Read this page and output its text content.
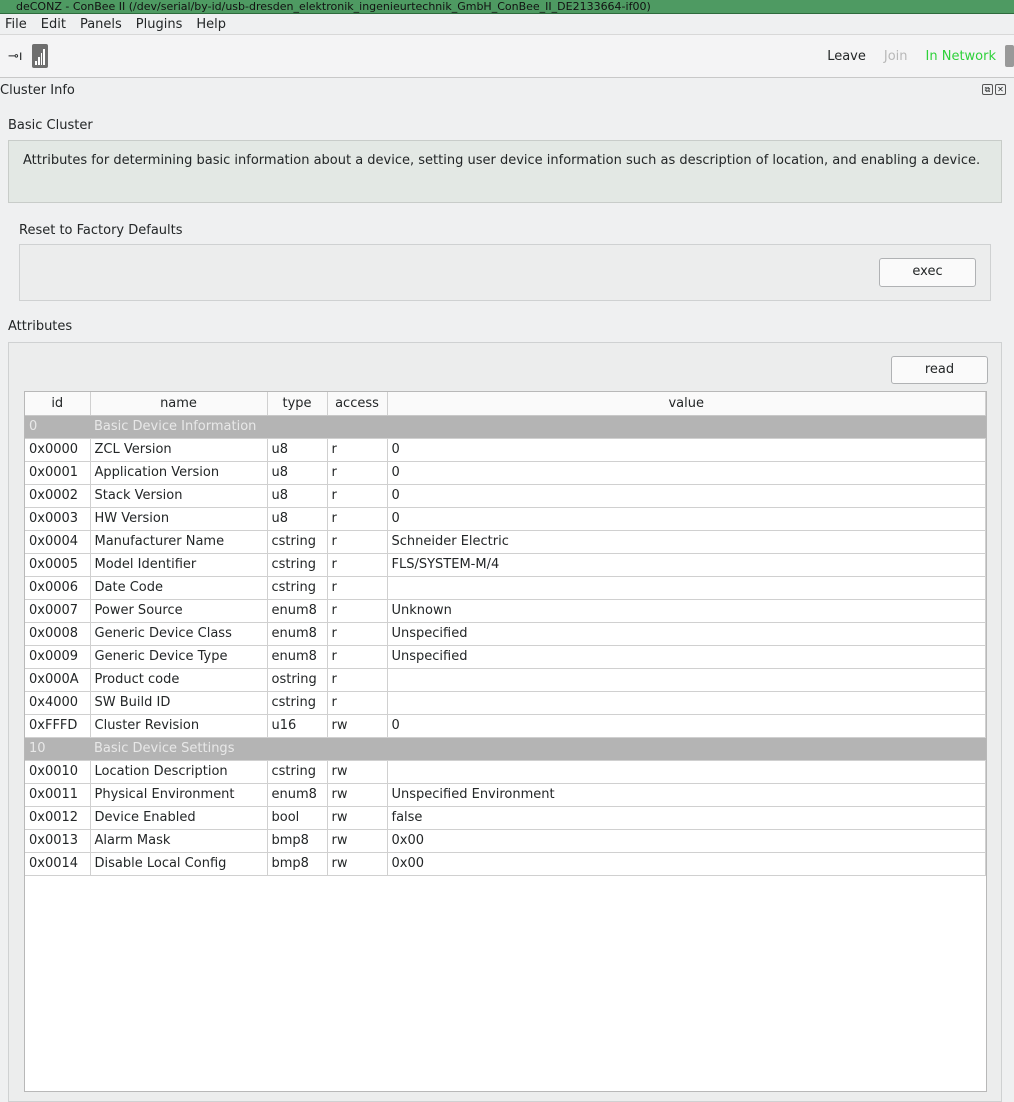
deCONZ - ConBee II (/dev/serial/by-id/usb-dresden_elektronik_ingenieurtechnik_GmbH_ConBee_II_DE2133664-if00)
File Edit Panels Plugins Help
⊸ı	Leave Join In Network
Cluster Info	⧉ ✕
Basic Cluster
Attributes for determining basic information about a device, setting user device information such as description of location, and enabling a device.
Reset to Factory Defaults
exec
Attributes
read
id	name	type	access	value
0	Basic Device Information			
0x0000	ZCL Version	u8	r	0
0x0001	Application Version	u8	r	0
0x0002	Stack Version	u8	r	0
0x0003	HW Version	u8	r	0
0x0004	Manufacturer Name	cstring	r	Schneider Electric
0x0005	Model Identifier	cstring	r	FLS/SYSTEM-M/4
0x0006	Date Code	cstring	r	
0x0007	Power Source	enum8	r	Unknown
0x0008	Generic Device Class	enum8	r	Unspecified
0x0009	Generic Device Type	enum8	r	Unspecified
0x000A	Product code	ostring	r	
0x4000	SW Build ID	cstring	r	
0xFFFD	Cluster Revision	u16	rw	0
10	Basic Device Settings			
0x0010	Location Description	cstring	rw	
0x0011	Physical Environment	enum8	rw	Unspecified Environment
0x0012	Device Enabled	bool	rw	false
0x0013	Alarm Mask	bmp8	rw	0x00
0x0014	Disable Local Config	bmp8	rw	0x00
